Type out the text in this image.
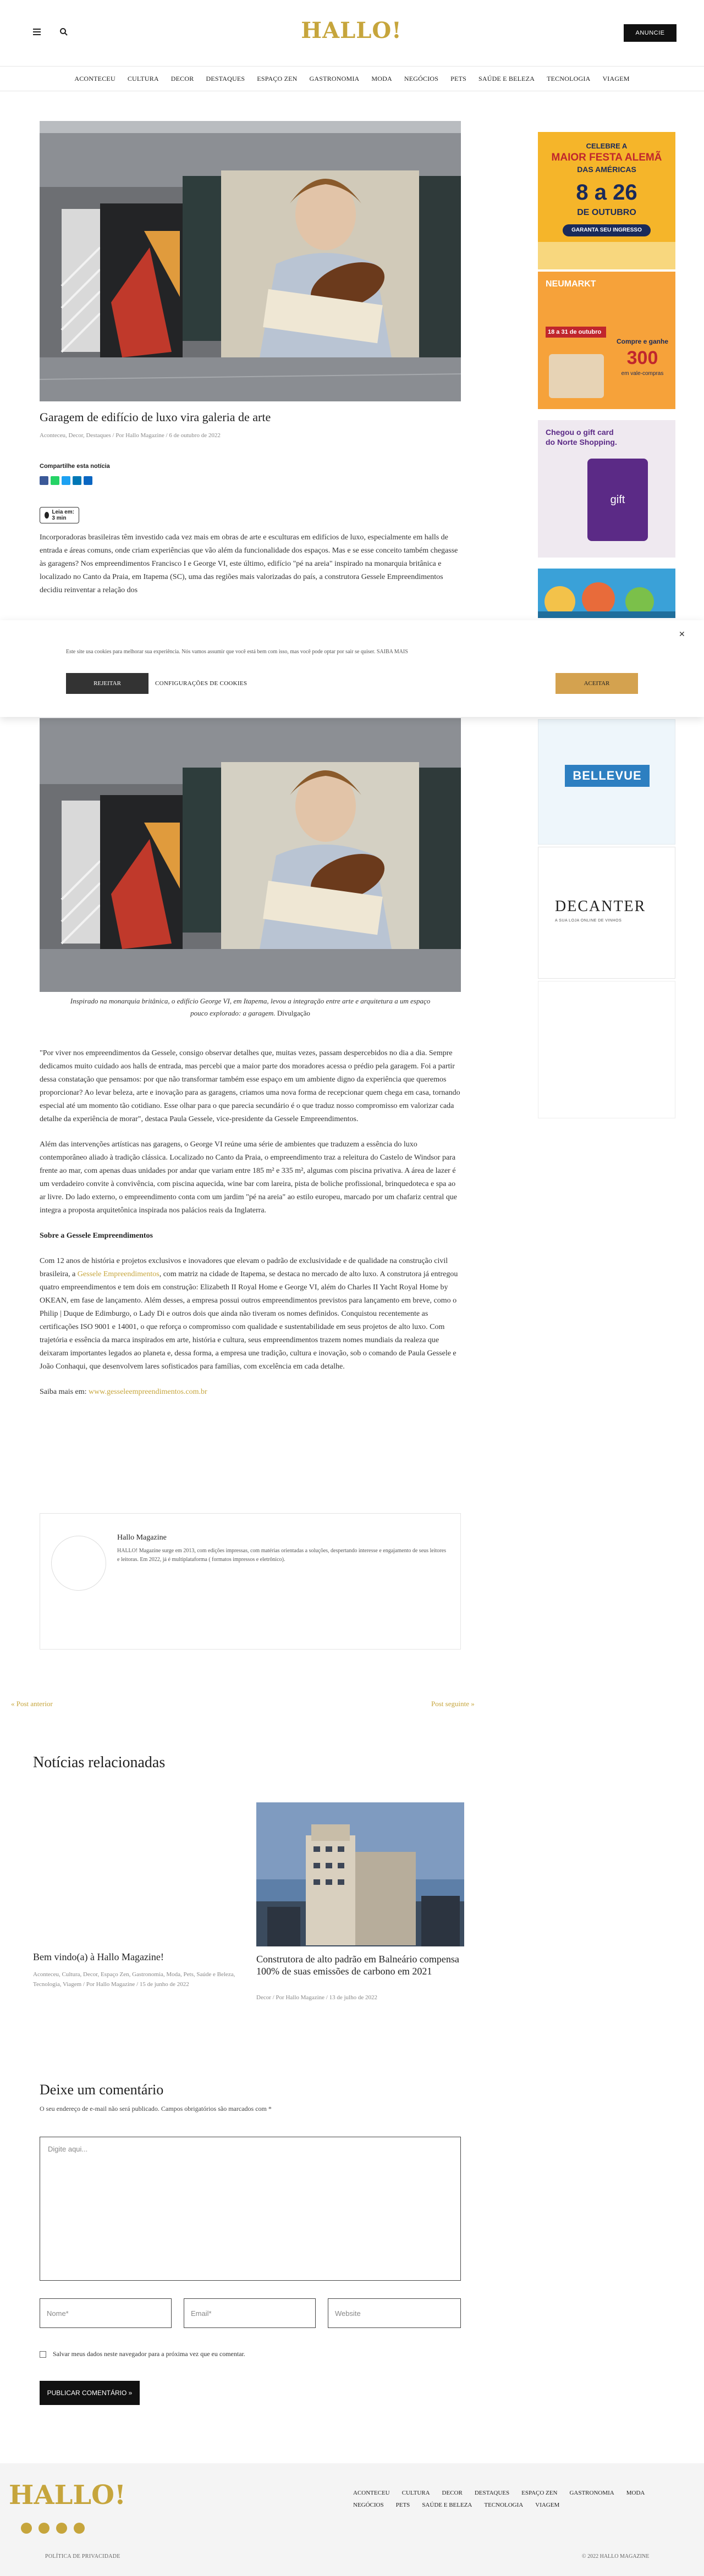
HALLO!	ANUNCIE
ACONTECEU	CULTURA	DECOR	DESTAQUES	ESPAÇO ZEN	GASTRONOMIA	MODA	NEGÓCIOS	PETS	SAÚDE E BELEZA	TECNOLOGIA	VIAGEM
Garagem de edifício de luxo vira galeria de arte
Aconteceu, Decor, Destaques / Por Hallo Magazine / 6 de outubro de 2022
Compartilhe esta notícia
Leia em: 3 min

Incorporadoras brasileiras têm investido cada vez mais em obras de arte e esculturas em edifícios de luxo, especialmente em halls de entrada e áreas comuns, onde criam experiências que vão além da funcionalidade dos espaços. Mas e se esse conceito também chegasse às garagens? Nos empreendimentos Francisco I e George VI, este último, edifício "pé na areia" inspirado na monarquia britânica e localizado no Canto da Praia, em Itapema (SC), uma das regiões mais valorizadas do país, a construtora Gessele Empreendimentos decidiu reinventar a relação dos

Inspirado na monarquia britânica, o edifício George VI, em Itapema, levou a integração entre arte e arquitetura a um espaço pouco explorado: a garagem. Divulgação

"Por viver nos empreendimentos da Gessele, consigo observar detalhes que, muitas vezes, passam despercebidos no dia a dia. Sempre dedicamos muito cuidado aos halls de entrada, mas percebi que a maior parte dos moradores acessa o prédio pela garagem. Foi a partir dessa constatação que pensamos: por que não transformar também esse espaço em um ambiente digno da experiência que queremos proporcionar? Ao levar beleza, arte e inovação para as garagens, criamos uma nova forma de recepcionar quem chega em casa, tornando especial até um momento tão cotidiano. Esse olhar para o que parecia secundário é o que traduz nosso compromisso em valorizar cada detalhe da experiência de morar", destaca Paula Gessele, vice-presidente da Gessele Empreendimentos.

Além das intervenções artísticas nas garagens, o George VI reúne uma série de ambientes que traduzem a essência do luxo contemporâneo aliado à tradição clássica. Localizado no Canto da Praia, o empreendimento traz a releitura do Castelo de Windsor para frente ao mar, com apenas duas unidades por andar que variam entre 185 m² e 335 m², algumas com piscina privativa. A área de lazer é um verdadeiro convite à convivência, com piscina aquecida, wine bar com lareira, pista de boliche profissional, brinquedoteca e spa ao ar livre. Do lado externo, o empreendimento conta com um jardim "pé na areia" ao estilo europeu, marcado por um chafariz central que integra a proposta arquitetônica inspirada nos palácios reais da Inglaterra.

Sobre a Gessele Empreendimentos

Com 12 anos de história e projetos exclusivos e inovadores que elevam o padrão de exclusividade e de qualidade na construção civil brasileira, a Gessele Empreendimentos, com matriz na cidade de Itapema, se destaca no mercado de alto luxo. A construtora já entregou quatro empreendimentos e tem dois em construção: Elizabeth II Royal Home e George VI, além do Charles II Yacht Royal Home by OKEAN, em fase de lançamento. Além desses, a empresa possui outros empreendimentos previstos para lançamento em breve, como o Philip | Duque de Edimburgo, o Lady Di e outros dois que ainda não tiveram os nomes definidos. Conquistou recentemente as certificações ISO 9001 e 14001, o que reforça o compromisso com qualidade e sustentabilidade em seus projetos de alto luxo. Com trajetória e essência da marca inspirados em arte, história e cultura, seus empreendimentos trazem nomes mundiais da realeza que deixaram importantes legados ao planeta e, dessa forma, a empresa une tradição, cultura e inovação, sob o comando de Paula Gessele e João Conhaqui, que desenvolvem lares sofisticados para famílias, com excelência em cada detalhe.

Saiba mais em: www.gesseleempreendimentos.com.br

Hallo Magazine
HALLO! Magazine surge em 2013, com edições impressas, com matérias orientadas a soluções, despertando interesse e engajamento de seus leitores e leitoras. Em 2022, já é multiplataforma ( formatos impressos e eletrônico).
« Post anterior	Post seguinte »
Notícias relacionadas
Bem vindo(a) à Hallo Magazine!
Aconteceu, Cultura, Decor, Espaço Zen, Gastronomia, Moda, Pets, Saúde e Beleza, Tecnologia, Viagem / Por Hallo Magazine / 15 de junho de 2022
Construtora de alto padrão em Balneário compensa 100% de suas emissões de carbono em 2021
Decor / Por Hallo Magazine / 13 de julho de 2022
Deixe um comentário
O seu endereço de e-mail não será publicado. Campos obrigatórios são marcados com *
Digite aqui...
Nome*	Email*	Website
Salvar meus dados neste navegador para a próxima vez que eu comentar.
PUBLICAR COMENTÁRIO »
CELEBRE A
MAIOR FESTA ALEMÃ
DAS AMÉRICAS
8 a 26
DE OUTUBRO
GARANTA SEU INGRESSO
NEUMARKT
18 a 31 de outubro
Compre e ganhe
300
em vale-compras
Chegou o gift card
do Norte Shopping.
gift
BELLEVUE
DECANTER
A SUA LOJA ONLINE DE VINHOS
✕
Este site usa cookies para melhorar sua experiência. Nós vamos assumir que você está bem com isso, mas você pode optar por sair se quiser. SAIBA MAIS
REJEITAR	CONFIGURAÇÕES DE COOKIES	ACEITAR
HALLO!	ACONTECEU	CULTURA	DECOR	DESTAQUES	ESPAÇO ZEN	GASTRONOMIA	MODA
NEGÓCIOS	PETS	SAÚDE E BELEZA	TECNOLOGIA	VIAGEM
POLÍTICA DE PRIVACIDADE	© 2022 HALLO MAGAZINE
